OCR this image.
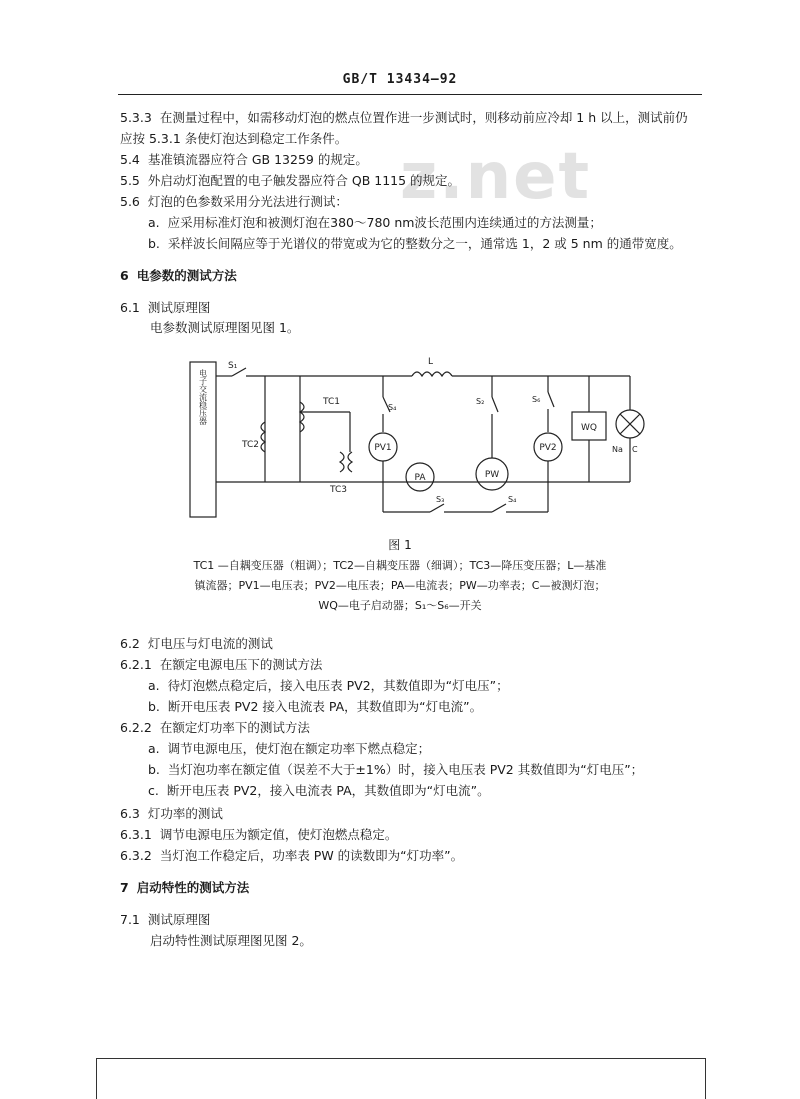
GB/T 13434—92
z.net
5.3.3 在测量过程中，如需移动灯泡的燃点位置作进一步测试时，则移动前应冷却 1 h 以上，测试前仍
应按 5.3.1 条使灯泡达到稳定工作条件。
5.4 基准镇流器应符合 GB 13259 的规定。
5.5 外启动灯泡配置的电子触发器应符合 QB 1115 的规定。
5.6 灯泡的色参数采用分光法进行测试：
a. 应采用标准灯泡和被测灯泡在380～780 nm波长范围内连续通过的方法测量；
b. 采样波长间隔应等于光谱仪的带宽或为它的整数分之一，通常选 1，2 或 5 nm 的通带宽度。
6 电参数的测试方法
6.1 测试原理图
电参数测试原理图见图 1。
电子交流稳压器
S₁	L
TC2
TC1
TC3
S₄
PV1
PA	PW
S₂	S₆
PV2
WQ
Na C
S₃	S₄
图 1
TC1 —自耦变压器（粗调）；TC2—自耦变压器（细调）；TC3—降压变压器；L—基准
镇流器；PV1—电压表；PV2—电压表；PA—电流表；PW—功率表；C—被测灯泡；
WQ—电子启动器；S₁～S₆—开关
6.2 灯电压与灯电流的测试
6.2.1 在额定电源电压下的测试方法
a. 待灯泡燃点稳定后，接入电压表 PV2，其数值即为“灯电压”；
b. 断开电压表 PV2 接入电流表 PA，其数值即为“灯电流”。
6.2.2 在额定灯功率下的测试方法
a. 调节电源电压，使灯泡在额定功率下燃点稳定；
b. 当灯泡功率在额定值（误差不大于±1%）时，接入电压表 PV2 其数值即为“灯电压”；
c. 断开电压表 PV2，接入电流表 PA，其数值即为“灯电流”。
6.3 灯功率的测试
6.3.1 调节电源电压为额定值，使灯泡燃点稳定。
6.3.2 当灯泡工作稳定后，功率表 PW 的读数即为“灯功率”。
7 启动特性的测试方法
7.1 测试原理图
启动特性测试原理图见图 2。
